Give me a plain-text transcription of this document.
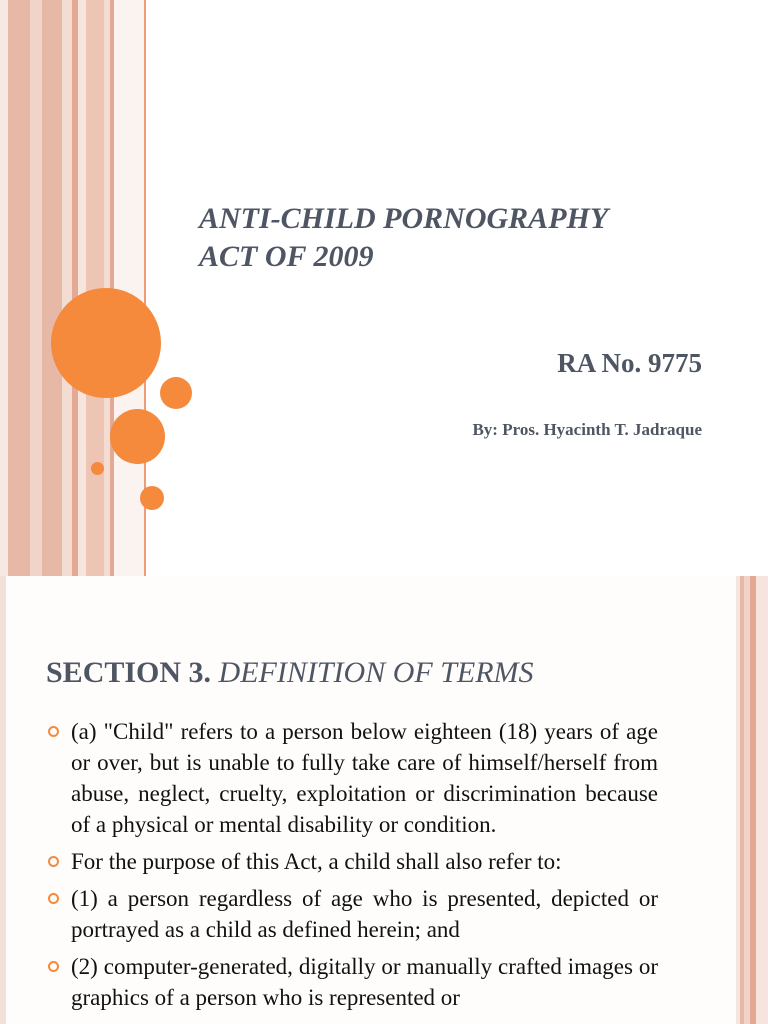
ANTI-CHILD PORNOGRAPHY
ACT OF 2009
RA No. 9775
By: Pros. Hyacinth T. Jadraque
SECTION 3. DEFINITION OF TERMS
(a) "Child" refers to a person below eighteen (18) years of age or over, but is unable to fully take care of himself/herself from abuse, neglect, cruelty, exploitation or discrimination because of a physical or mental disability or condition.
For the purpose of this Act, a child shall also refer to:
(1) a person regardless of age who is presented, depicted or portrayed as a child as defined herein; and
(2) computer-generated, digitally or manually crafted images or graphics of a person who is represented or
